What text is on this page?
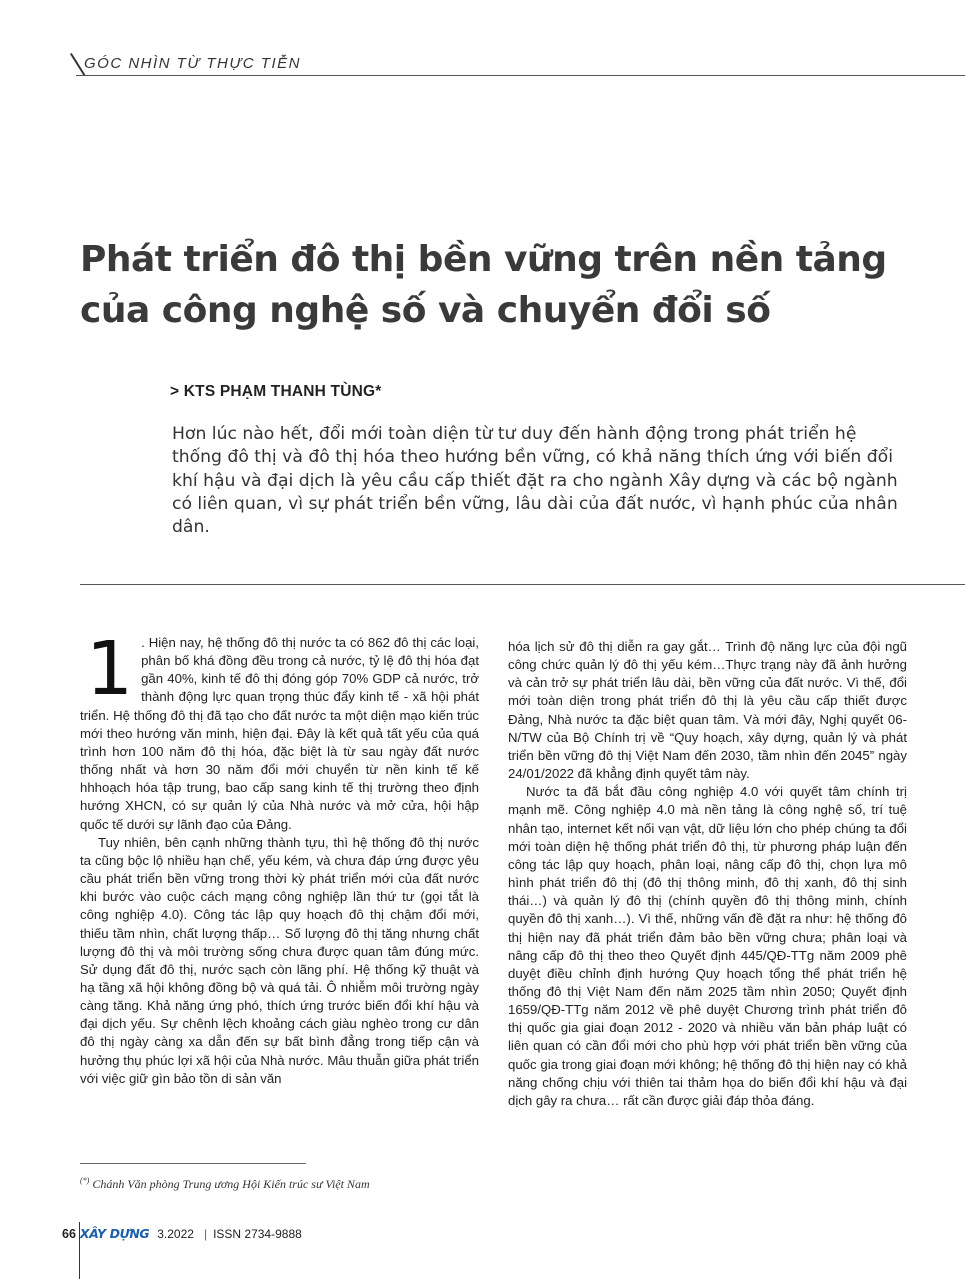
GÓC NHÌN TỪ THỰC TIỄN
Phát triển đô thị bền vững trên nền tảng
của công nghệ số và chuyển đổi số
> KTS PHẠM THANH TÙNG*

Hơn lúc nào hết, đổi mới toàn diện từ tư duy đến hành động trong phát triển hệ thống đô thị và đô thị hóa theo hướng bền vững, có khả năng thích ứng với biến đổi khí hậu và đại dịch là yêu cầu cấp thiết đặt ra cho ngành Xây dựng và các bộ ngành có liên quan, vì sự phát triển bền vững, lâu dài của đất nước, vì hạnh phúc của nhân dân.

1 . Hiện nay, hệ thống đô thị nước ta có 862 đô thị các loại, phân bố khá đồng đều trong cả nước, tỷ lệ đô thị hóa đạt gần 40%, kinh tế đô thị đóng góp 70% GDP cả nước, trở thành động lực quan trọng thúc đẩy kinh tế - xã hội phát triển. Hệ thống đô thị đã tạo cho đất nước ta một diện mạo kiến trúc mới theo hướng văn minh, hiện đại. Đây là kết quả tất yếu của quá trình hơn 100 năm đô thị hóa, đặc biệt là từ sau ngày đất nước thống nhất và hơn 30 năm đổi mới chuyển từ nền kinh tế kế hhhoạch hóa tập trung, bao cấp sang kinh tế thị trường theo định hướng XHCN, có sự quản lý của Nhà nước và mở cửa, hội hập quốc tế dưới sự lãnh đạo của Đảng.

Tuy nhiên, bên cạnh những thành tựu, thì hệ thống đô thị nước ta cũng bộc lộ nhiều hạn chế, yếu kém, và chưa đáp ứng được yêu cầu phát triển bền vững trong thời kỳ phát triển mới của đất nước khi bước vào cuộc cách mạng công nghiệp lần thứ tư (gọi tắt là công nghiệp 4.0). Công tác lập quy hoạch đô thị chậm đổi mới, thiếu tầm nhìn, chất lượng thấp… Số lượng đô thị tăng nhưng chất lượng đô thị và môi trường sống chưa được quan tâm đúng mức. Sử dụng đất đô thị, nước sạch còn lãng phí. Hệ thống kỹ thuật và hạ tầng xã hội không đồng bộ và quá tải. Ô nhiễm môi trường ngày càng tăng. Khả năng ứng phó, thích ứng trước biến đổi khí hậu và đại dịch yếu. Sự chênh lệch khoảng cách giàu nghèo trong cư dân đô thị ngày càng xa dẫn đến sự bất bình đẳng trong tiếp cận và hưởng thụ phúc lợi xã hội của Nhà nước. Mâu thuẫn giữa phát triển với việc giữ gìn bảo tồn di sản văn

hóa lịch sử đô thị diễn ra gay gắt… Trình độ năng lực của đội ngũ công chức quản lý đô thị yếu kém…Thực trạng này đã ảnh hưởng và cản trở sự phát triển lâu dài, bền vững của đất nước. Vì thế, đổi mới toàn diện trong phát triển đô thị là yêu cầu cấp thiết được Đảng, Nhà nước ta đặc biệt quan tâm. Và mới đây, Nghị quyết 06-N/TW của Bộ Chính trị về “Quy hoạch, xây dựng, quản lý và phát triển bền vững đô thị Việt Nam đến 2030, tầm nhìn đến 2045” ngày 24/01/2022 đã khẳng định quyết tâm này.

Nước ta đã bắt đầu công nghiệp 4.0 với quyết tâm chính trị mạnh mẽ. Công nghiệp 4.0 mà nền tảng là công nghệ số, trí tuệ nhân tạo, internet kết nối vạn vật, dữ liệu lớn cho phép chúng ta đổi mới toàn diện hệ thống phát triển đô thị, từ phương pháp luận đến công tác lập quy hoạch, phân loại, nâng cấp đô thị, chọn lựa mô hình phát triển đô thị (đô thị thông minh, đô thị xanh, đô thị sinh thái…) và quản lý đô thị (chính quyền đô thị thông minh, chính quyền đô thị xanh…). Vì thế, những vấn đề đặt ra như: hệ thống đô thị hiện nay đã phát triển đảm bảo bền vững chưa; phân loại và nâng cấp đô thị theo theo Quyết định 445/QĐ-TTg năm 2009 phê duyệt điều chỉnh định hướng Quy hoạch tổng thể phát triển hệ thống đô thị Việt Nam đến năm 2025 tầm nhìn 2050; Quyết định 1659/QĐ-TTg năm 2012 về phê duyệt Chương trình phát triển đô thị quốc gia giai đoạn 2012 - 2020 và nhiều văn bản pháp luật có liên quan có cần đổi mới cho phù hợp với phát triển bền vững của quốc gia trong giai đoạn mới không; hệ thống đô thị hiện nay có khả năng chống chịu với thiên tai thảm họa do biến đổi khí hậu và đại dịch gây ra chưa… rất cần được giải đáp thỏa đáng.

(*) Chánh Văn phòng Trung ương Hội Kiến trúc sư Việt Nam
66 XÂY DỰNG 3.2022 | ISSN 2734-9888
